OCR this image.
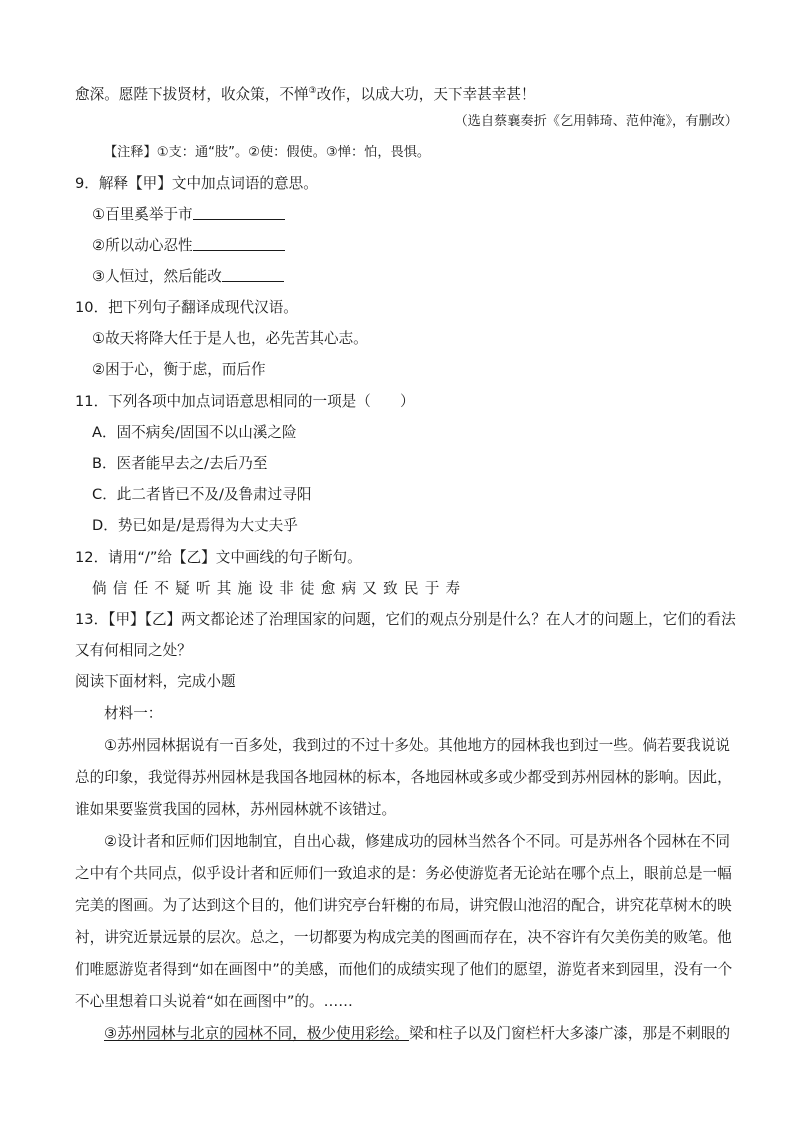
愈深。愿陛下拔贤材，收众策，不惮③改作，以成大功，天下幸甚幸甚！
（选自蔡襄奏折《乞用韩琦、范仲淹》，有删改）
【注释】①支：通“肢”。②使：假使。③惮：怕，畏惧。
9．解释【甲】文中加点词语的意思。
①百里奚举于市
②所以动心忍性
③人恒过，然后能改
10．把下列句子翻译成现代汉语。
①故天将降大任于是人也，必先苦其心志。
②困于心，衡于虑，而后作
11．下列各项中加点词语意思相同的一项是（　　）
A．固不病矣/固国不以山溪之险
B．医者能早去之/去后乃至
C．此二者皆已不及/及鲁肃过寻阳
D．势已如是/是焉得为大丈夫乎
12．请用“/”给【乙】文中画线的句子断句。
倘信任不疑听其施设非徒愈病又致民于寿
13．【甲】【乙】两文都论述了治理国家的问题，它们的观点分别是什么？在人才的问题上，它们的看法
又有何相同之处？
阅读下面材料，完成小题
材料一：
①苏州园林据说有一百多处，我到过的不过十多处。其他地方的园林我也到过一些。倘若要我说说
总的印象，我觉得苏州园林是我国各地园林的标本，各地园林或多或少都受到苏州园林的影响。因此，
谁如果要鉴赏我国的园林，苏州园林就不该错过。
②设计者和匠师们因地制宜，自出心裁，修建成功的园林当然各个不同。可是苏州各个园林在不同
之中有个共同点，似乎设计者和匠师们一致追求的是：务必使游览者无论站在哪个点上，眼前总是一幅
完美的图画。为了达到这个目的，他们讲究亭台轩榭的布局，讲究假山池沼的配合，讲究花草树木的映
衬，讲究近景远景的层次。总之，一切都要为构成完美的图画而存在，决不容许有欠美伤美的败笔。他
们唯愿游览者得到“如在画图中”的美感，而他们的成绩实现了他们的愿望，游览者来到园里，没有一个
不心里想着口头说着“如在画图中”的。……
③苏州园林与北京的园林不同，极少使用彩绘。梁和柱子以及门窗栏杆大多漆广漆，那是不刺眼的
